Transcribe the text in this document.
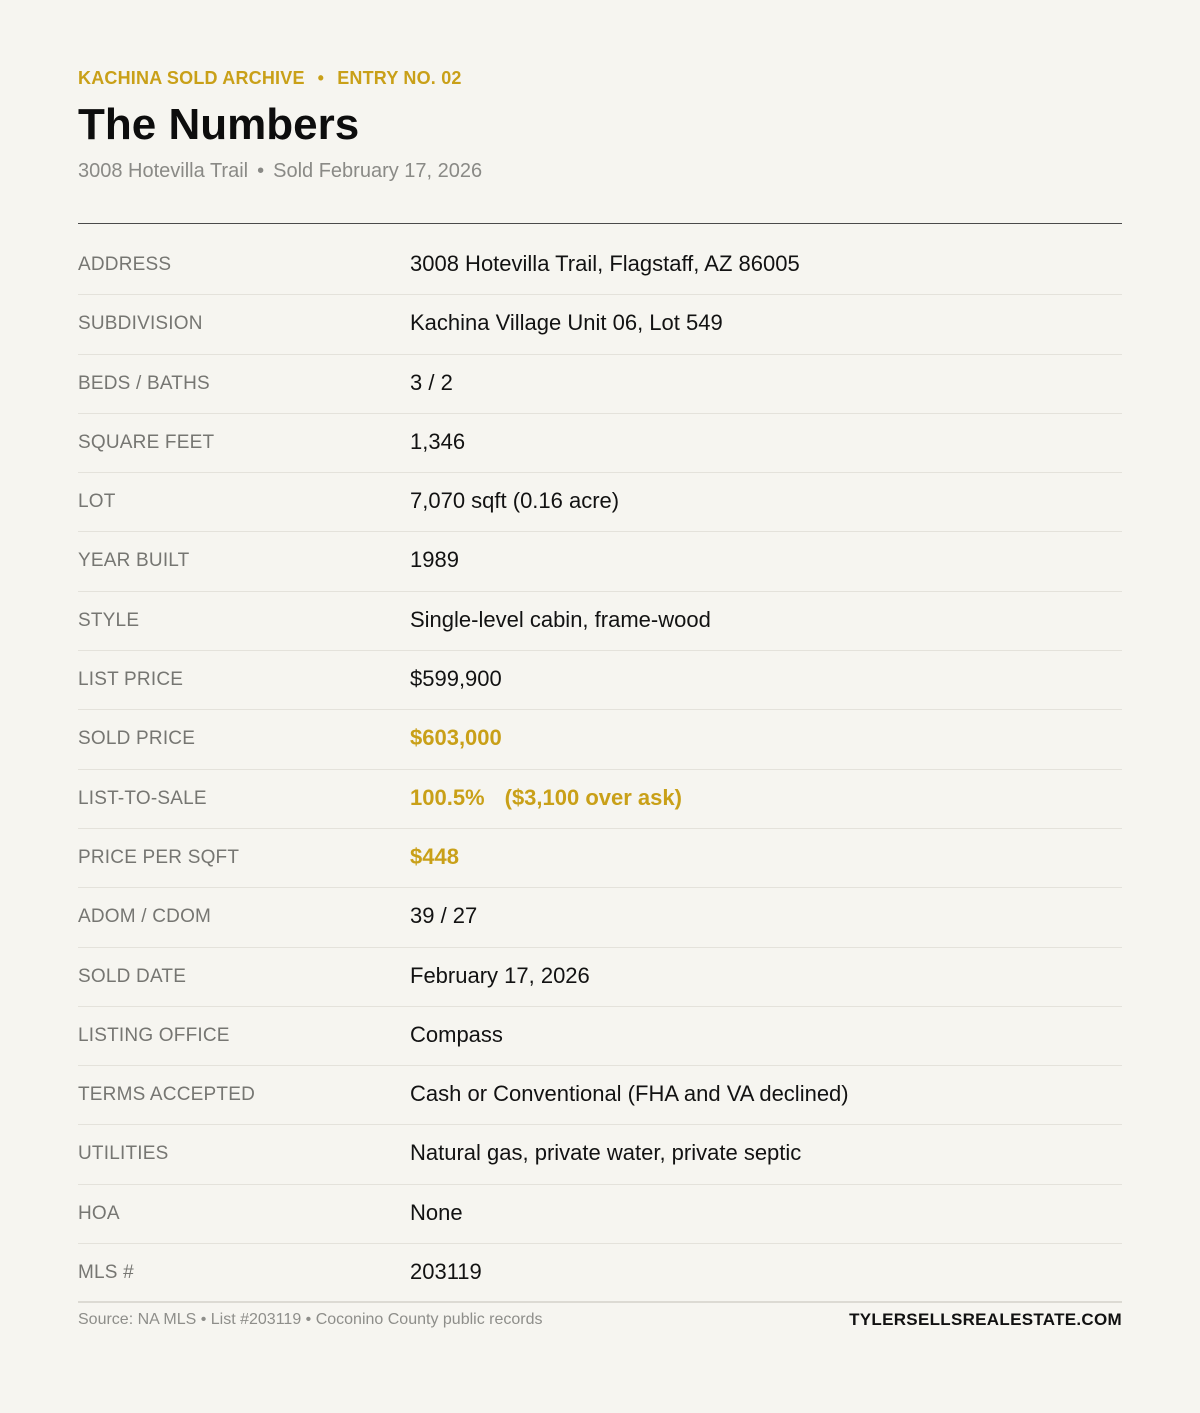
KACHINA SOLD ARCHIVE • ENTRY NO. 02
The Numbers
3008 Hotevilla Trail • Sold February 17, 2026
ADDRESS	3008 Hotevilla Trail, Flagstaff, AZ 86005
SUBDIVISION	Kachina Village Unit 06, Lot 549
BEDS / BATHS	3 / 2
SQUARE FEET	1,346
LOT	7,070 sqft (0.16 acre)
YEAR BUILT	1989
STYLE	Single-level cabin, frame-wood
LIST PRICE	$599,900
SOLD PRICE	$603,000
LIST-TO-SALE	100.5% ($3,100 over ask)
PRICE PER SQFT	$448
ADOM / CDOM	39 / 27
SOLD DATE	February 17, 2026
LISTING OFFICE	Compass
TERMS ACCEPTED	Cash or Conventional (FHA and VA declined)
UTILITIES	Natural gas, private water, private septic
HOA	None
MLS #	203119
Source: NA MLS • List #203119 • Coconino County public records	TYLERSELLSREALESTATE.COM
